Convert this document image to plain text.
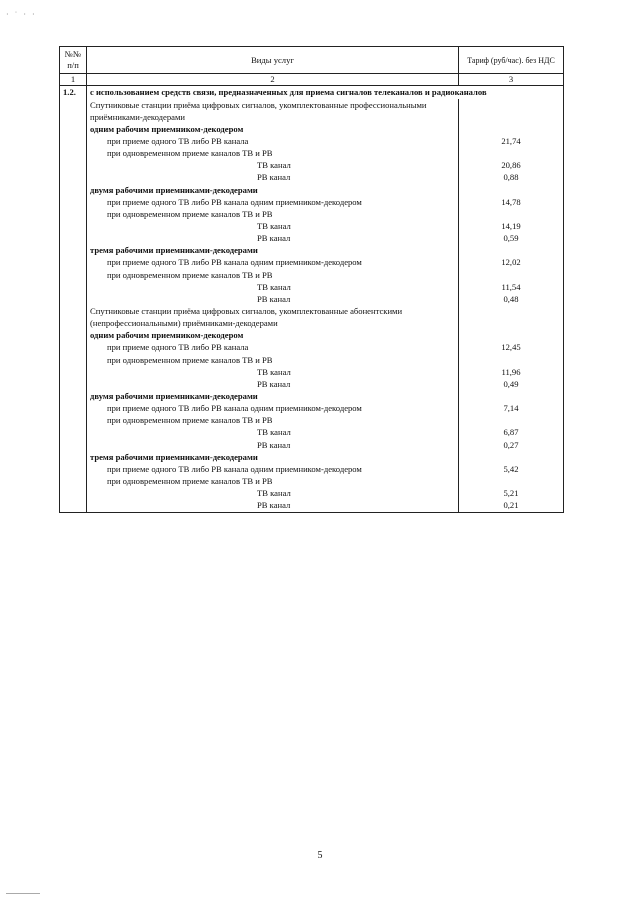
· ˙ · ·
№№ п/п	Виды услуг	Тариф (руб/час). без НДС
1	2	3
1.2.	с использованием средств связи, предназначенных для приема сигналов телеканалов и радиоканалов	
	Спутниковые станции приёма цифровых сигналов, укомплектованные профессиональными	
	приёмниками-декодерами	
	одним рабочим приемником-декодером	
	при приеме одного ТВ либо РВ канала	21,74
	при одновременном приеме каналов ТВ и РВ	
	ТВ канал	20,86
	РВ канал	0,88
	двумя рабочими приемниками-декодерами	
	при приеме одного ТВ либо РВ канала одним приемником-декодером	14,78
	при одновременном приеме каналов ТВ и РВ	
	ТВ канал	14,19
	РВ канал	0,59
	тремя рабочими приемниками-декодерами	
	при приеме одного ТВ либо РВ канала одним приемником-декодером	12,02
	при одновременном приеме каналов ТВ и РВ	
	ТВ канал	11,54
	РВ канал	0,48
	Спутниковые станции приёма цифровых сигналов, укомплектованные абонентскими	
	(непрофессиональными) приёмниками-декодерами	
	одним рабочим приемником-декодером	
	при приеме одного ТВ либо РВ канала	12,45
	при одновременном приеме каналов ТВ и РВ	
	ТВ канал	11,96
	РВ канал	0,49
	двумя рабочими приемниками-декодерами	
	при приеме одного ТВ либо РВ канала одним приемником-декодером	7,14
	при одновременном приеме каналов ТВ и РВ	
	ТВ канал	6,87
	РВ канал	0,27
	тремя рабочими приемниками-декодерами	
	при приеме одного ТВ либо РВ канала одним приемником-декодером	5,42
	при одновременном приеме каналов ТВ и РВ	
	ТВ канал	5,21
	РВ канал	0,21
5
